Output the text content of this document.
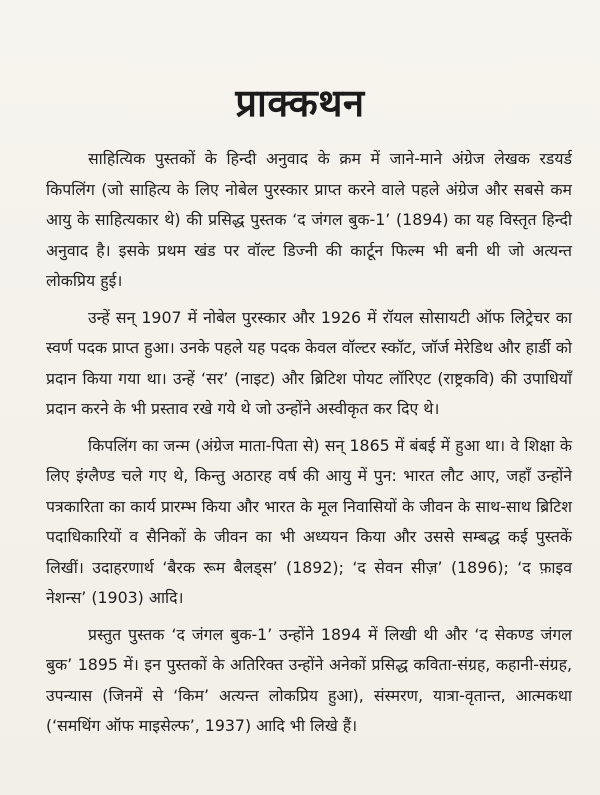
प्राक्कथन

साहित्यिक पुस्तकों के हिन्दी अनुवाद के क्रम में जाने-माने अंग्रेज लेखक रडयर्ड किपलिंग (जो साहित्य के लिए नोबेल पुरस्कार प्राप्त करने वाले पहले अंग्रेज और सबसे कम आयु के साहित्यकार थे) की प्रसिद्ध पुस्तक ‘द जंगल बुक-1’ (1894) का यह विस्तृत हिन्दी अनुवाद है। इसके प्रथम खंड पर वॉल्ट डिज्नी की कार्टून फिल्म भी बनी थी जो अत्यन्त लोकप्रिय हुई।

उन्हें सन् 1907 में नोबेल पुरस्कार और 1926 में रॉयल सोसायटी ऑफ लिट्रेचर का स्वर्ण पदक प्राप्त हुआ। उनके पहले यह पदक केवल वॉल्टर स्कॉट, जॉर्ज मेरेडिथ और हार्डी को प्रदान किया गया था। उन्हें ‘सर’ (नाइट) और ब्रिटिश पोयट लॉरिएट (राष्ट्रकवि) की उपाधियाँ प्रदान करने के भी प्रस्ताव रखे गये थे जो उन्होंने अस्वीकृत कर दिए थे।

किपलिंग का जन्म (अंग्रेज माता-पिता से) सन् 1865 में बंबई में हुआ था। वे शिक्षा के लिए इंग्लैण्ड चले गए थे, किन्तु अठारह वर्ष की आयु में पुन: भारत लौट आए, जहाँ उन्होंने पत्रकारिता का कार्य प्रारम्भ किया और भारत के मूल निवासियों के जीवन के साथ-साथ ब्रिटिश पदाधिकारियों व सैनिकों के जीवन का भी अध्ययन किया और उससे सम्बद्ध कई पुस्तकें लिखीं। उदाहरणार्थ ‘बैरक रूम बैलड्स’ (1892); ‘द सेवन सीज़’ (1896); ‘द फ़ाइव नेशन्स’ (1903) आदि।

प्रस्तुत पुस्तक ‘द जंगल बुक-1’ उन्होंने 1894 में लिखी थी और ‘द सेकण्ड जंगल बुक’ 1895 में। इन पुस्तकों के अतिरिक्त उन्होंने अनेकों प्रसिद्ध कविता-संग्रह, कहानी-संग्रह, उपन्यास (जिनमें से ‘किम’ अत्यन्त लोकप्रिय हुआ), संस्मरण, यात्रा-वृतान्त, आत्मकथा (‘समथिंग ऑफ माइसेल्फ’, 1937) आदि भी लिखे हैं।
